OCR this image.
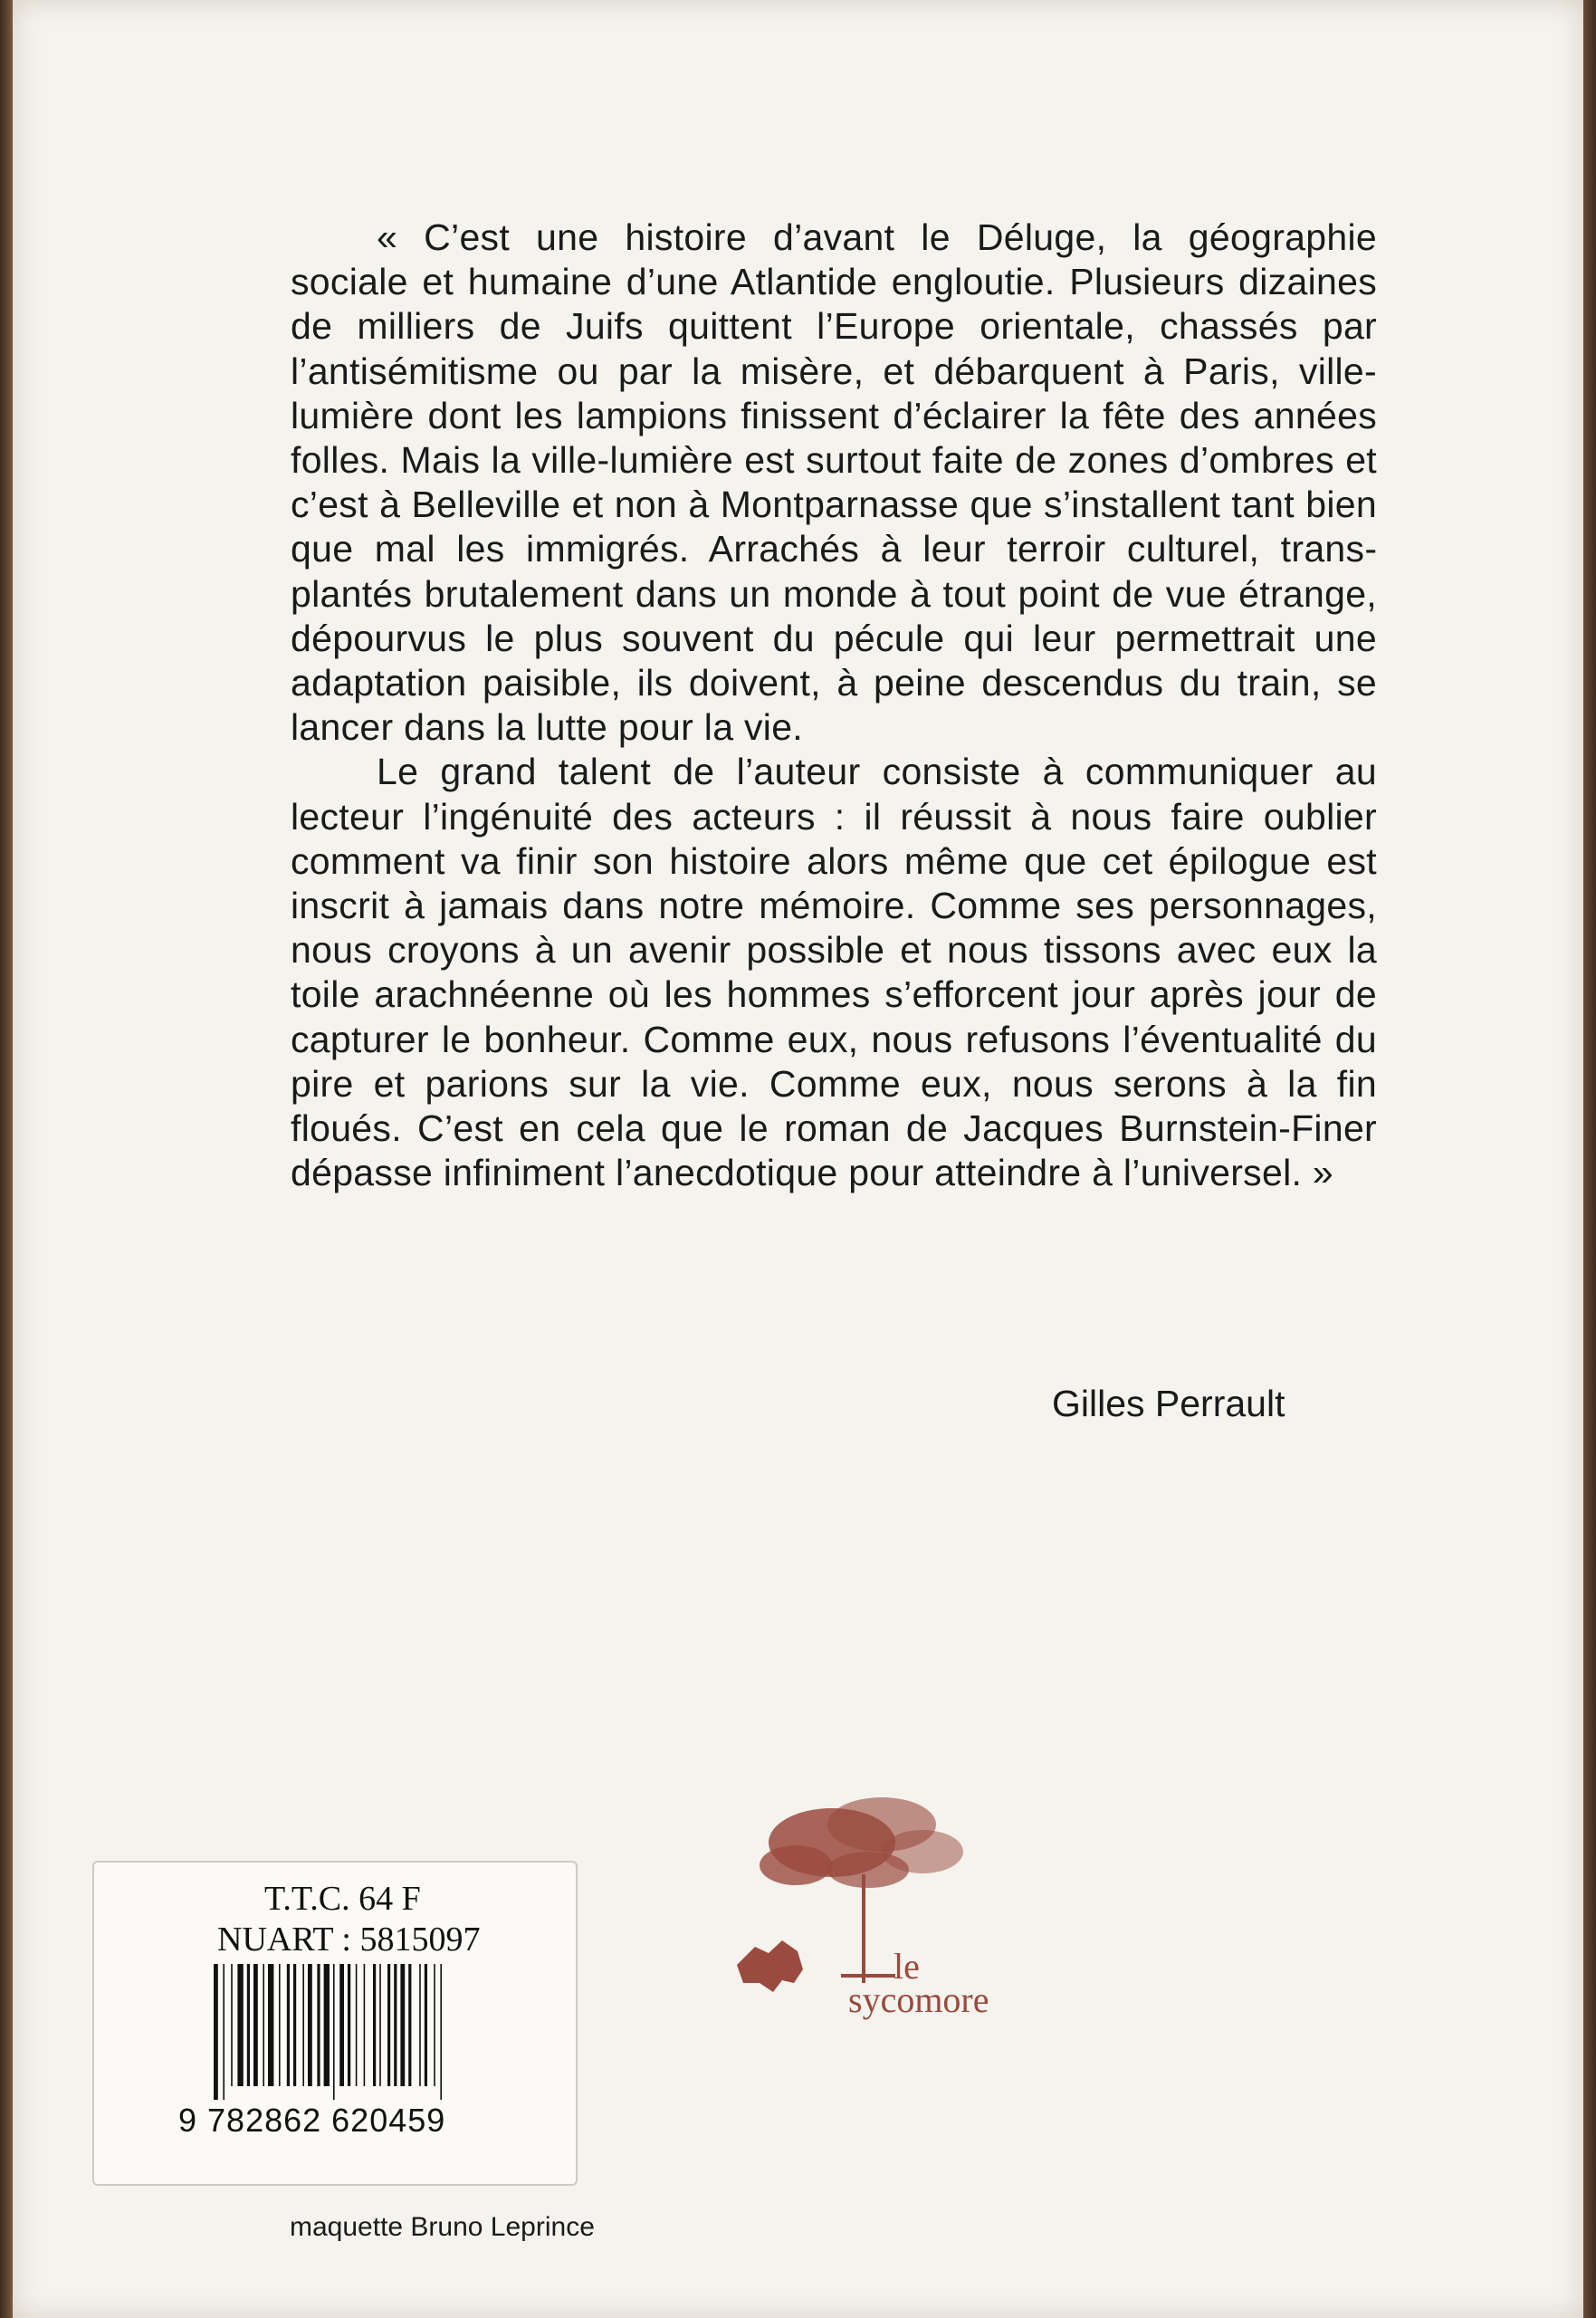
« C’est une histoire d’avant le Déluge, la géographie sociale et humaine d’une Atlantide engloutie. Plusieurs dizaines de milliers de Juifs quittent l’Europe orientale, chassés par l’antisémitisme ou par la misère, et débarquent à Paris, ville-lumière dont les lampions finissent d’éclairer la fête des années folles. Mais la ville-lumière est surtout faite de zones d’ombres et c’est à Belleville et non à Montparnasse que s’installent tant bien que mal les immigrés. Arrachés à leur terroir culturel, transplantés brutalement dans un monde à tout point de vue étrange, dépourvus le plus souvent du pécule qui leur permettrait une adaptation paisible, ils doivent, à peine descendus du train, se lancer dans la lutte pour la vie.

Le grand talent de l’auteur consiste à communiquer au lecteur l’ingénuité des acteurs : il réussit à nous faire oublier comment va finir son histoire alors même que cet épilogue est inscrit à jamais dans notre mémoire. Comme ses personnages, nous croyons à un avenir possible et nous tissons avec eux la toile arachnéenne où les hommes s’efforcent jour après jour de capturer le bonheur. Comme eux, nous refusons l’éventualité du pire et parions sur la vie. Comme eux, nous serons à la fin floués. C’est en cela que le roman de Jacques Burnstein-Finer dépasse infiniment l’anecdotique pour atteindre à l’universel. »

Gilles Perrault
T.T.C. 64 F
NUART : 5815097
9 782862 620459
le
sycomore
maquette Bruno Leprince
